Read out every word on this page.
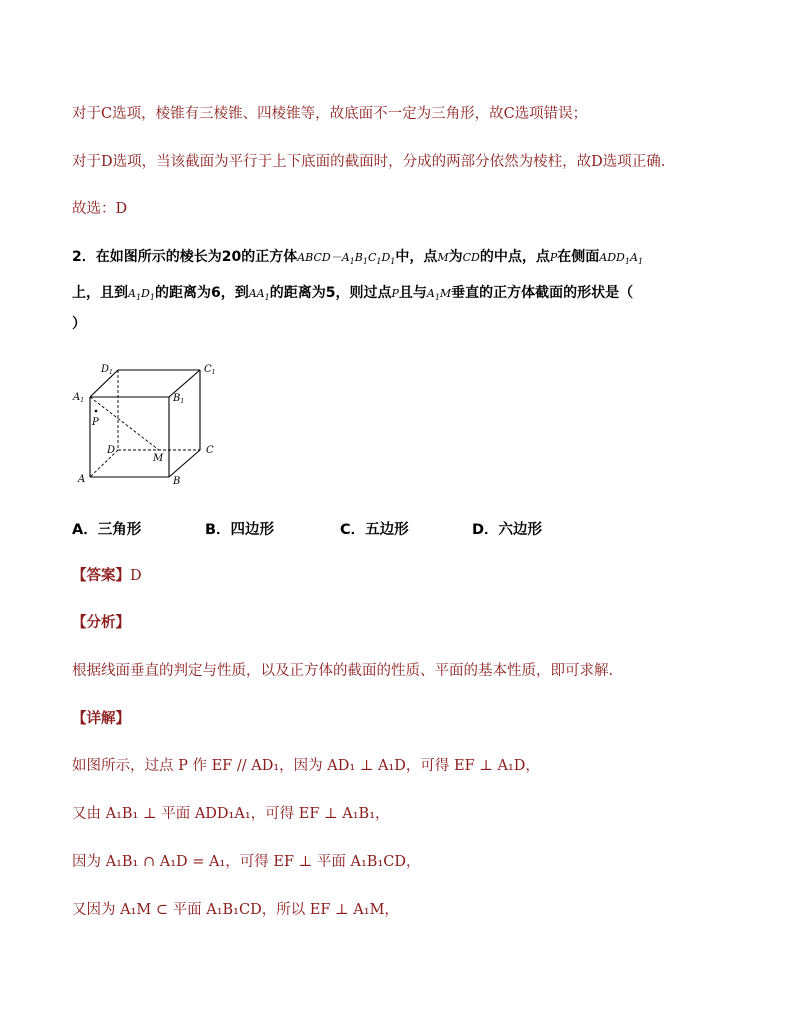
对于C选项，棱锥有三棱锥、四棱锥等，故底面不一定为三角形，故C选项错误；
对于D选项，当该截面为平行于上下底面的截面时，分成的两部分依然为棱柱，故D选项正确.
故选：D
2．在如图所示的棱长为20的正方体$ABCD-A_1B_1C_1D_1$中，点M为CD的中点，点P在侧面$ADD_1A_1$
上，且到$A_1D_1$的距离为6，到$AA_1$的距离为5，则过点P且与$A_1M$垂直的正方体截面的形状是（
）
$D_1$	$C_1$
$A_1$	$B_1$
P
D
M
C
A	B
A．三角形	B．四边形	C．五边形	D．六边形
【答案】D
【分析】
根据线面垂直的判定与性质，以及正方体的截面的性质、平面的基本性质，即可求解.
【详解】
如图所示，过点 P 作 EF // AD₁，因为 AD₁ ⊥ A₁D，可得 EF ⊥ A₁D，
又由 A₁B₁ ⊥ 平面 ADD₁A₁，可得 EF ⊥ A₁B₁，
因为 A₁B₁ ∩ A₁D = A₁，可得 EF ⊥ 平面 A₁B₁CD，
又因为 A₁M ⊂ 平面 A₁B₁CD，所以 EF ⊥ A₁M，
